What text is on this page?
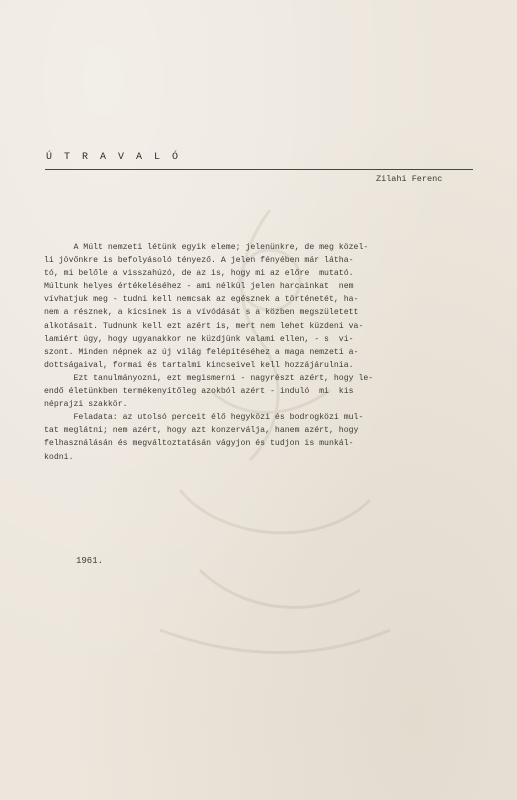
Ú T R A V A L Ó
Zilahi Ferenc
A Múlt nemzeti létünk egyik eleme; jelenünkre, de meg közel-
li jövőnkre is befolyásoló tényező. A jelen fényében már látha-
tó, mi belőle a visszahúzó, de az is, hogy mi az előre  mutató.
Múltunk helyes értékeléséhez - ami nélkül jelen harcainkat  nem
vívhatjuk meg - tudni kell nemcsak az egésznek a történetét, ha-
nem a résznek, a kicsinek is a vívódását s a közben megszületett
alkotásait. Tudnunk kell ezt azért is, mert nem lehet küzdeni va-
lamiért úgy, hogy ugyanakkor ne küzdjünk valami ellen, - s  vi-
szont. Minden népnek az új világ felépítéséhez a maga nemzeti a-
dottságaival, formai és tartalmi kincseivel kell hozzájárulnia.
Ezt tanulmányozni, ezt megismerni - nagyrészt azért, hogy le-
endő életünkben termékenyítőleg azokból azért - induló  mi  kis
néprajzi szakkör.
Feladata: az utolsó perceit élő hegyközi és bodrogközi mul-
tat meglátni; nem azért, hogy azt konzerválja, hanem azért, hogy
felhasználásán és megváltoztatásán vágyjon és tudjon is munkál-
kodni.
1961.
